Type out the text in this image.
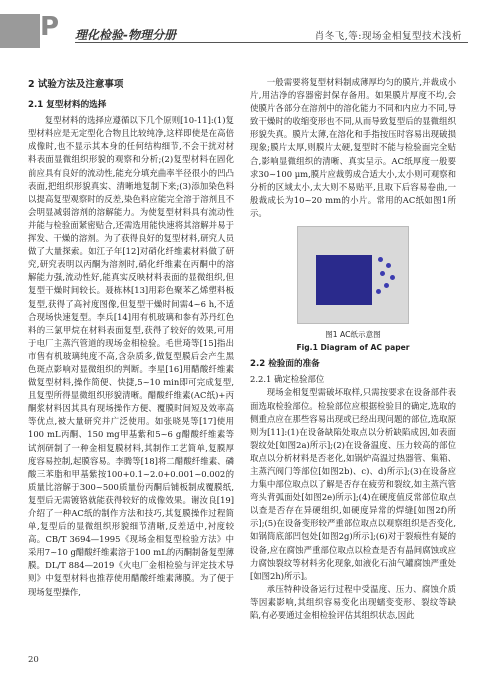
P 理化检验-物理分册	肖冬飞,等:现场金相复型技术浅析
2 试验方法及注意事项
2.1 复型材料的选择

复型材料的选择应遵循以下几个原则[10-11]:(1)复型材料应是无定型化合物且比较纯净,这样即使是在高倍成像时,也不显示其本身的任何结构细节,不会干扰对材料表面显微组织形貌的观察和分析;(2)复型材料在固化前应具有良好的流动性,能充分填充曲率半径很小的凹凸表面,把组织形貌真实、清晰地复制下来;(3)添加染色料以提高复型观察时的反差,染色料应能完全溶于溶剂且不会明显减弱溶剂的溶解能力。为使复型材料具有流动性并能与检验面紧密贴合,还需选用能快速将其溶解并易于挥发、干燥的溶剂。为了获得良好的复型材料,研究人员做了大量探索。如江子年[12]对硝化纤维素材料做了研究,研究表明以丙酮为溶剂时,硝化纤维素在丙酮中的溶解能力强,流动性好,能真实反映材料表面的显微组织,但复型干燥时间较长。聂栋林[13]用彩色聚苯乙烯塑料板复型,获得了高衬度图像,但复型干燥时间需4~6 h,不适合现场快速复型。李兵[14]用有机玻璃和参有苏丹红色料的三氯甲烷在材料表面复型,获得了较好的效果,可用于电厂主蒸汽管道的现场金相检验。毛世琦等[15]指出市售有机玻璃纯度不高,含杂质多,做复型膜后会产生黑色斑点影响对显微组织的判断。李星[16]用醋酸纤维素做复型材料,操作简便、快捷,5~10 min即可完成复型,且复型所得显微组织形貌清晰。醋酸纤维素(AC纸)+丙酮浆材料因其具有现场操作方便、覆膜时间短及效率高等优点,被大量研究并广泛使用。如张晓晃等[17]使用100 mL丙酮、150 mg甲基紫和5~6 g醋酸纤维素等试剂研制了一种金相复膜材料,其制作工艺简单,复膜厚度容易控制,起膜容易。李腾等[18]将二醋酸纤维素、磷酸三苯脂和甲基紫按100+0.1~2.0+0.001~0.002的质量比溶解于300~500质量份丙酮后铺板制成覆膜纸,复型后无需镀铬就能获得较好的成像效果。谢汝良[19]介绍了一种AC纸的制作方法和技巧,其复膜操作过程简单,复型后的显微组织形貌细节清晰,反差适中,衬度较高。CB/T 3694—1995《现场金相复型检验方法》中采用7~10 g醋酸纤维素溶于100 mL的丙酮制备复型薄膜。DL/T 884—2019《火电厂金相检验与评定技术导则》中复型材料也推荐使用醋酸纤维素薄膜。为了便于现场复型操作,

一般需要将复型材料制成薄厚均匀的膜片,并裁成小片,用洁净的容器密封保存备用。如果膜片厚度不均,会使膜片各部分在溶剂中的溶化能力不同和内应力不同,导致干燥时的收缩变形也不同,从而导致复型后的显微组织形貌失真。膜片太薄,在溶化和手指按压时容易出现破损现象;膜片太厚,则膜片太硬,复型时不能与检验面完全贴合,影响显微组织的清晰、真实呈示。AC纸厚度一般要求30~100 μm,膜片应裁剪成合适大小,太小则可观察和分析的区域太小,太大则不易贴平,且取下后容易卷曲,一般裁成长为10~20 mm的小片。常用的AC纸如图1所示。

图1 AC纸示意图
Fig.1 Diagram of AC paper
2.2 检验面的准备
2.2.1 确定检验部位

现场金相复型需破坏取样,只需按要求在设备部件表面选取检验部位。检验部位应根据检验目的确定,选取的侧重点应在那些容易出现或已经出现问题的部位,选取原则为[11]:(1)在设备缺陷处取点以分析缺陷成因,如表面裂纹处[如图2a)所示];(2)在设备温度、压力较高的部位取点以分析材料是否老化,如锅炉高温过热器管、集箱、主蒸汽阀门等部位[如图2b)、c)、d)所示];(3)在设备应力集中部位取点以了解是否存在疲劳和裂纹,如主蒸汽管弯头背弧面处[如图2e)所示];(4)在硬度值反常部位取点以查是否存在异硬组织,如硬度异常的焊缝[如图2f)所示];(5)在设备变形较严重部位取点以观察组织是否变化,如锅筒底部凹包处[如图2g)所示];(6)对于裂痕性有疑的设备,应在腐蚀严重部位取点以检查是否有晶间腐蚀或应力腐蚀裂纹等材料劣化现象,如液化石油气罐腐蚀严重处[如图2h)所示]。

承压特种设备运行过程中受温度、压力、腐蚀介质等因素影响,其组织容易变化出现蠕变变形、裂纹等缺陷,有必要通过金相检验评估其组织状态,因此

20
